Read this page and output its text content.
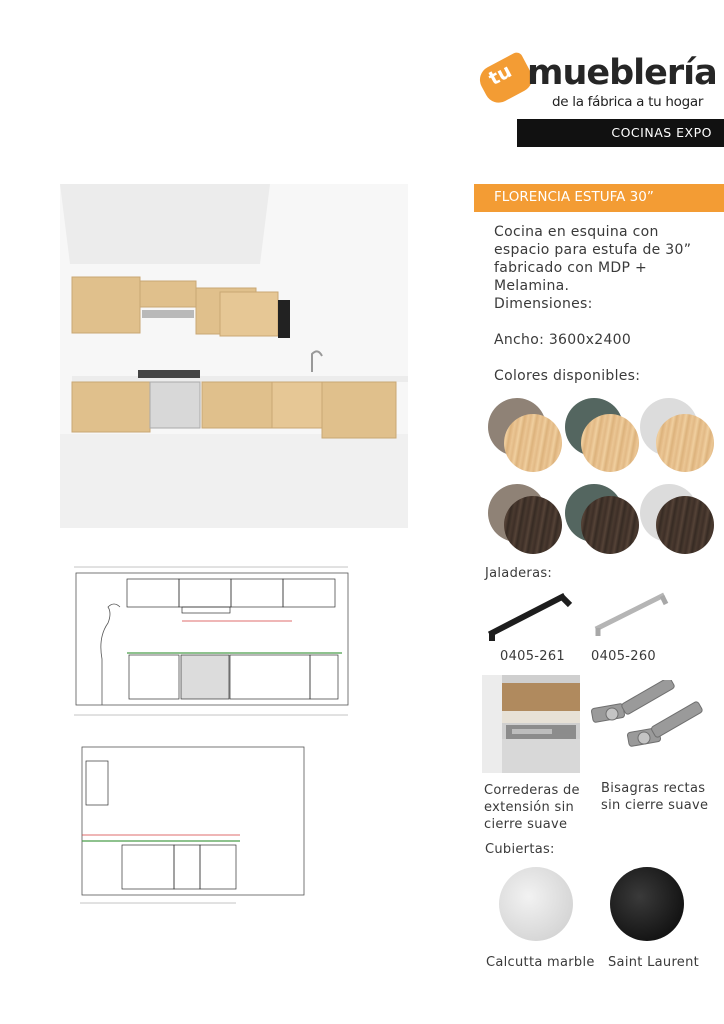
tu mueblería
de la fábrica a tu hogar
COCINAS EXPO
FLORENCIA ESTUFA 30”
Cocina en esquina con espacio para estufa de 30” fabricado con MDP + Melamina.
Dimensiones:
Ancho: 3600x2400
Colores disponibles:
Jaladeras:
0405-261 0405-260
Correderas de extensión sin cierre suave
Bisagras rectas sin cierre suave
Cubiertas:
Calcutta marble Saint Laurent
